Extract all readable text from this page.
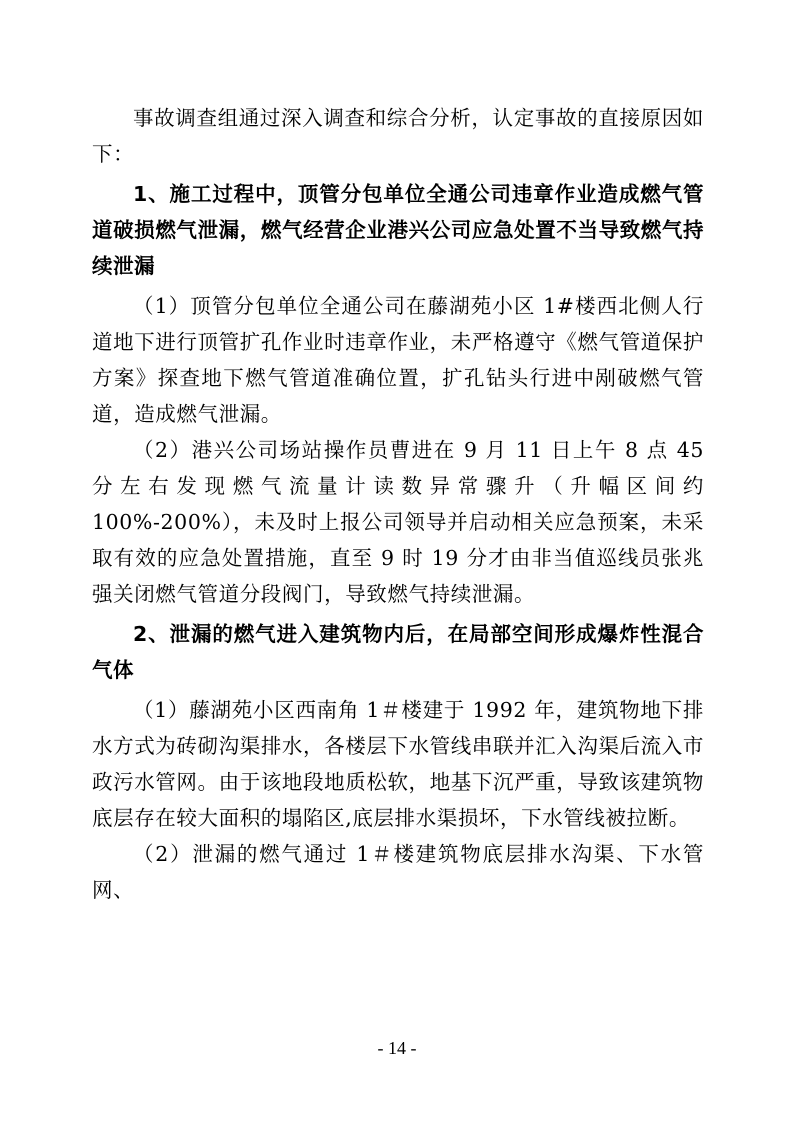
事故调查组通过深入调查和综合分析，认定事故的直接原因如下：

1、施工过程中，顶管分包单位全通公司违章作业造成燃气管道破损燃气泄漏，燃气经营企业港兴公司应急处置不当导致燃气持续泄漏

（1）顶管分包单位全通公司在藤湖苑小区 1#楼西北侧人行道地下进行顶管扩孔作业时违章作业，未严格遵守《燃气管道保护方案》探查地下燃气管道准确位置，扩孔钻头行进中剐破燃气管道，造成燃气泄漏。

（2）港兴公司场站操作员曹进在 9 月 11 日上午 8 点 45 分左右发现燃气流量计读数异常骤升（升幅区间约 100%-200%），未及时上报公司领导并启动相关应急预案，未采取有效的应急处置措施，直至 9 时 19 分才由非当值巡线员张兆强关闭燃气管道分段阀门，导致燃气持续泄漏。

2、泄漏的燃气进入建筑物内后，在局部空间形成爆炸性混合气体

（1）藤湖苑小区西南角 1＃楼建于 1992 年，建筑物地下排水方式为砖砌沟渠排水，各楼层下水管线串联并汇入沟渠后流入市政污水管网。由于该地段地质松软，地基下沉严重，导致该建筑物底层存在较大面积的塌陷区,底层排水渠损坏，下水管线被拉断。

（2）泄漏的燃气通过 1＃楼建筑物底层排水沟渠、下水管网、

- 14 -
